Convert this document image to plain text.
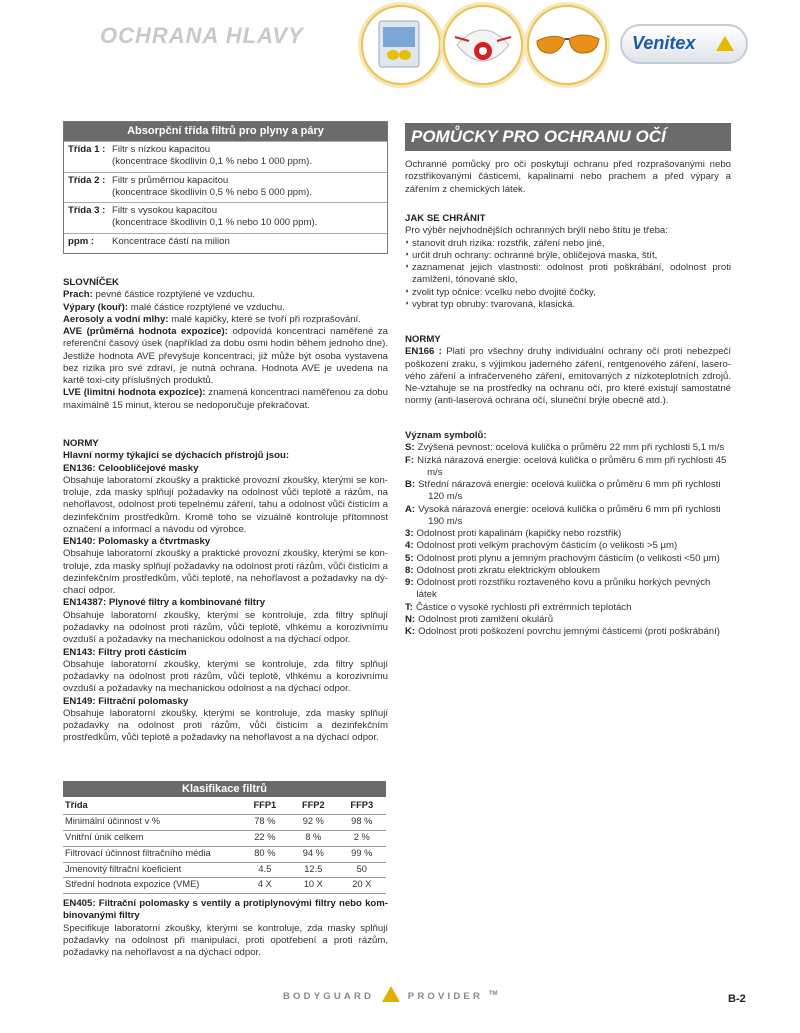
OCHRANA HLAVY	Venitex
Absorpční třída filtrů pro plyny a páry
Třída 1 : Filtr s nízkou kapacitou
(koncentrace škodlivin 0,1 % nebo 1 000 ppm).
Třída 2 : Filtr s průměrnou kapacitou
(koncentrace škodlivin 0,5 % nebo 5 000 ppm).
Třída 3 : Filtr s vysokou kapacitou
(koncentrace škodlivin 0,1 % nebo 10 000 ppm).
ppm :	Koncentrace částí na milion
SLOVNÍČEK

Prach: pevné částice rozptýlené ve vzduchu.

Výpary (kouř): malé částice rozptýlené ve vzduchu.

Aerosoly a vodní mlhy: malé kapičky, které se tvoří při rozprašování.

AVE (průměrná hodnota expozice): odpovídá koncentraci naměřené za referenční časový úsek (například za dobu osmi hodin během jednoho dne). Jestliže hodnota AVE převyšuje koncentraci, již může být osoba vystavena bez rizika pro své zdraví, je nutná ochrana. Hodnota AVE je uvedena na kartě toxi-city příslušných produktů.

LVE (limitní hodnota expozice): znamená koncentraci naměřenou za dobu maximálně 15 minut, kterou se nedoporučuje překračovat.

NORMY
Hlavní normy týkající se dýchacích přístrojů jsou:
EN136: Celoobličejové masky

Obsahuje laboratorní zkoušky a praktické provozní zkoušky, kterými se kon-troluje, zda masky splňují požadavky na odolnost vůči teplotě a rázům, na nehořlavost, odolnost proti tepelnému záření, tahu a odolnost vůči čisticím a dezinfekčním prostředkům. Kromě toho se vizuálně kontroluje přítomnost označení a informací a návodu od výrobce.

EN140: Polomasky a čtvrtmasky

Obsahuje laboratorní zkoušky a praktické provozní zkoušky, kterými se kon-troluje, zda masky splňují požadavky na odolnost proti rázům, vůči čisticím a dezinfekčním prostředkům, vůči teplotě, na nehořlavost a požadavky na dý-chací odpor.

EN14387: Plynové filtry a kombinované filtry

Obsahuje laboratorní zkoušky, kterými se kontroluje, zda filtry splňují požadavky na odolnost proti rázům, vůči teplotě, vlhkému a korozivnímu ovzduší a požadavky na mechanickou odolnost a na dýchací odpor.

EN143: Filtry proti částicím

Obsahuje laboratorní zkoušky, kterými se kontroluje, zda filtry splňují požadavky na odolnost proti rázům, vůči teplotě, vlhkému a korozivnímu ovzduší a požadavky na mechanickou odolnost a na dýchací odpor.

EN149: Filtrační polomasky

Obsahuje laboratorní zkoušky, kterými se kontroluje, zda masky splňují požadavky na odolnost proti rázům, vůči čisticím a dezinfekčním prostředkům, vůči teplotě a požadavky na nehořlavost a na dýchací odpor.

Klasifikace filtrů
Třída	FFP1	FFP2	FFP3
Minimální účinnost v %	78 %	92 %	98 %
Vnitřní únik celkem	22 %	8 %	2 %
Filtrovací účinnost filtračního média	80 %	94 %	99 %
Jmenovitý filtrační koeficient	4.5	12.5	50
Střední hodnota expozice (VME)	4 X	10 X	20 X
EN405: Filtrační polomasky s ventily a protiplynovými filtry nebo kom-binovanými filtry

Specifikuje laboratorní zkoušky, kterými se kontroluje, zda masky splňují požadavky na odolnost při manipulaci, proti opotřebení a proti rázům, požadavky na nehořlavost a na dýchací odpor.

POMŮCKY PRO OCHRANU OČÍ

Ochranné pomůcky pro oči poskytují ochranu před rozprašovanými nebo rozstřikovanými částicemi, kapalinami nebo prachem a před výpary a zářením z chemických látek.

JAK SE CHRÁNIT

Pro výběr nejvhodnějších ochranných brýlí nebo štítu je třeba:

◗ stanovit druh rizika: rozstřik, záření nebo jiné,
◗ určit druh ochrany: ochranné brýle, obličejová maska, štít,
◗ zaznamenat jejich vlastnosti: odolnost proti poškrábání, odolnost proti zamlžení, tónované sklo,
◗ zvolit typ očnice: vcelku nebo dvojité čočky,
◗ vybrat typ obruby: tvarovaná, klasická.
NORMY

EN166 : Platí pro všechny druhy individuální ochrany očí proti nebezpečí poškození zraku, s výjimkou jaderného záření, rentgenového záření, lasero-vého záření a infračerveného záření, emitovaných z nízkoteplotních zdrojů. Ne-vztahuje se na prostředky na ochranu očí, pro které existují samostatné normy (anti-laserová ochrana očí, sluneční brýle obecně atd.).

Význam symbolů:
S: Zvýšená pevnost: ocelová kulička o průměru 22 mm při rychlosti 5,1 m/s
F: Nízká nárazová energie: ocelová kulička o průměru 6 mm při rychlosti 45
m/s
B: Střední nárazová energie: ocelová kulička o průměru 6 mm při rychlosti
120 m/s
A: Vysoká nárazová energie: ocelová kulička o průměru 6 mm při rychlosti
190 m/s
3: Odolnost proti kapalinám (kapičky nebo rozstřik)
4: Odolnost proti velkým prachovým částicím (o velikosti >5 µm)
5: Odolnost proti plynu a jemným prachovým částicím (o velikosti <50 µm)
8: Odolnost proti zkratu elektrickým obloukem
9: Odolnost proti rozstřiku roztaveného kovu a průniku horkých pevných látek
T: Částice o vysoké rychlosti při extrémních teplotách
N: Odolnost proti zamlžení okulárů
K: Odolnost proti poškození povrchu jemnými částicemi (proti poškrábání)
BODYGUARD	PROVIDER ™	B-2
